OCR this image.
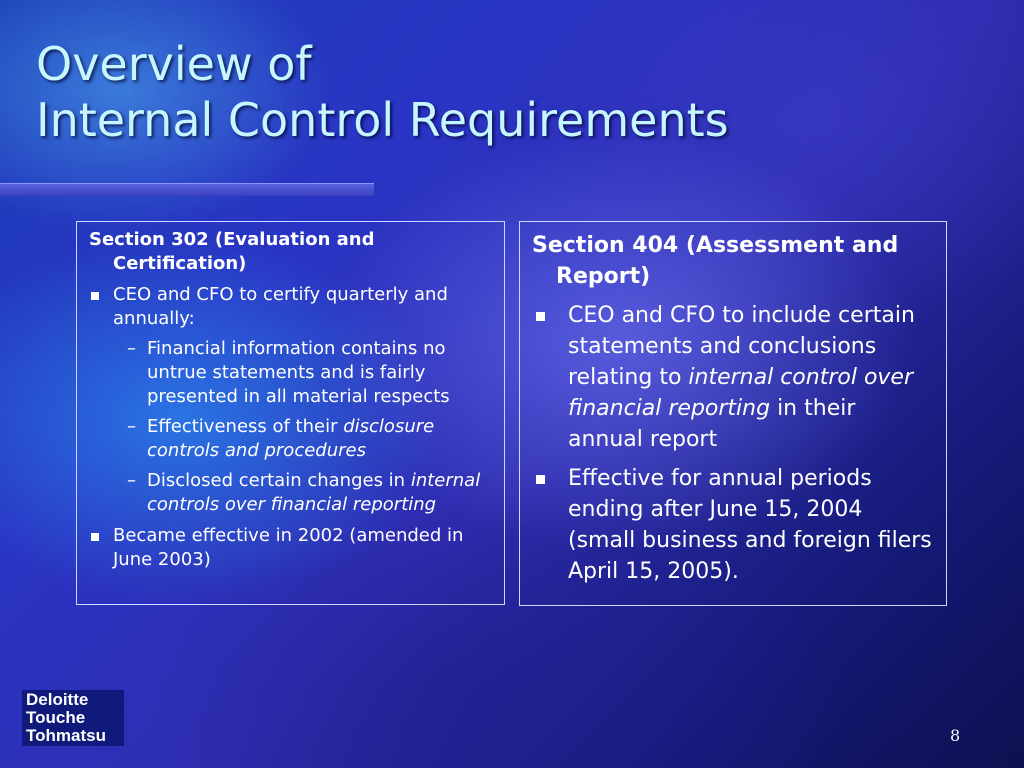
Overview of
Internal Control Requirements

Section 302 (Evaluation and Certification)

CEO and CFO to certify quarterly and annually:
– Financial information contains no untrue statements and is fairly presented in all material respects
– Effectiveness of their disclosure controls and procedures
– Disclosed certain changes in internal controls over financial reporting
Became effective in 2002 (amended in June 2003)

Section 404 (Assessment and Report)

CEO and CFO to include certain statements and conclusions relating to internal control over financial reporting in their annual report
Effective for annual periods ending after June 15, 2004 (small business and foreign filers April 15, 2005).
Deloitte
Touche
Tohmatsu	8
